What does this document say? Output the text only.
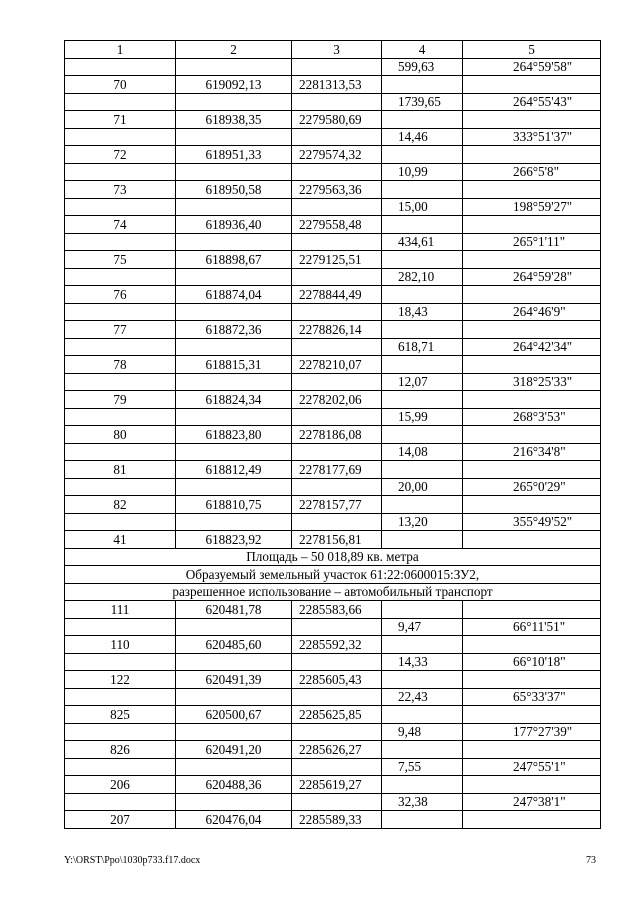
1	2	3	4	5
			599,63	264°59'58"
70	619092,13	2281313,53		
			1739,65	264°55'43"
71	618938,35	2279580,69		
			14,46	333°51'37"
72	618951,33	2279574,32		
			10,99	266°5'8"
73	618950,58	2279563,36		
			15,00	198°59'27"
74	618936,40	2279558,48		
			434,61	265°1'11"
75	618898,67	2279125,51		
			282,10	264°59'28"
76	618874,04	2278844,49		
			18,43	264°46'9"
77	618872,36	2278826,14		
			618,71	264°42'34"
78	618815,31	2278210,07		
			12,07	318°25'33"
79	618824,34	2278202,06		
			15,99	268°3'53"
80	618823,80	2278186,08		
			14,08	216°34'8"
81	618812,49	2278177,69		
			20,00	265°0'29"
82	618810,75	2278157,77		
			13,20	355°49'52"
41	618823,92	2278156,81		
Площадь – 50 018,89 кв. метра				
Образуемый земельный участок 61:22:0600015:ЗУ2,				
разрешенное использование – автомобильный транспорт				
111	620481,78	2285583,66		
			9,47	66°11'51"
110	620485,60	2285592,32		
			14,33	66°10'18"
122	620491,39	2285605,43		
			22,43	65°33'37"
825	620500,67	2285625,85		
			9,48	177°27'39"
826	620491,20	2285626,27		
			7,55	247°55'1"
206	620488,36	2285619,27		
			32,38	247°38'1"
207	620476,04	2285589,33		
Y:\ORST\Ppo\1030p733.f17.docx	73
